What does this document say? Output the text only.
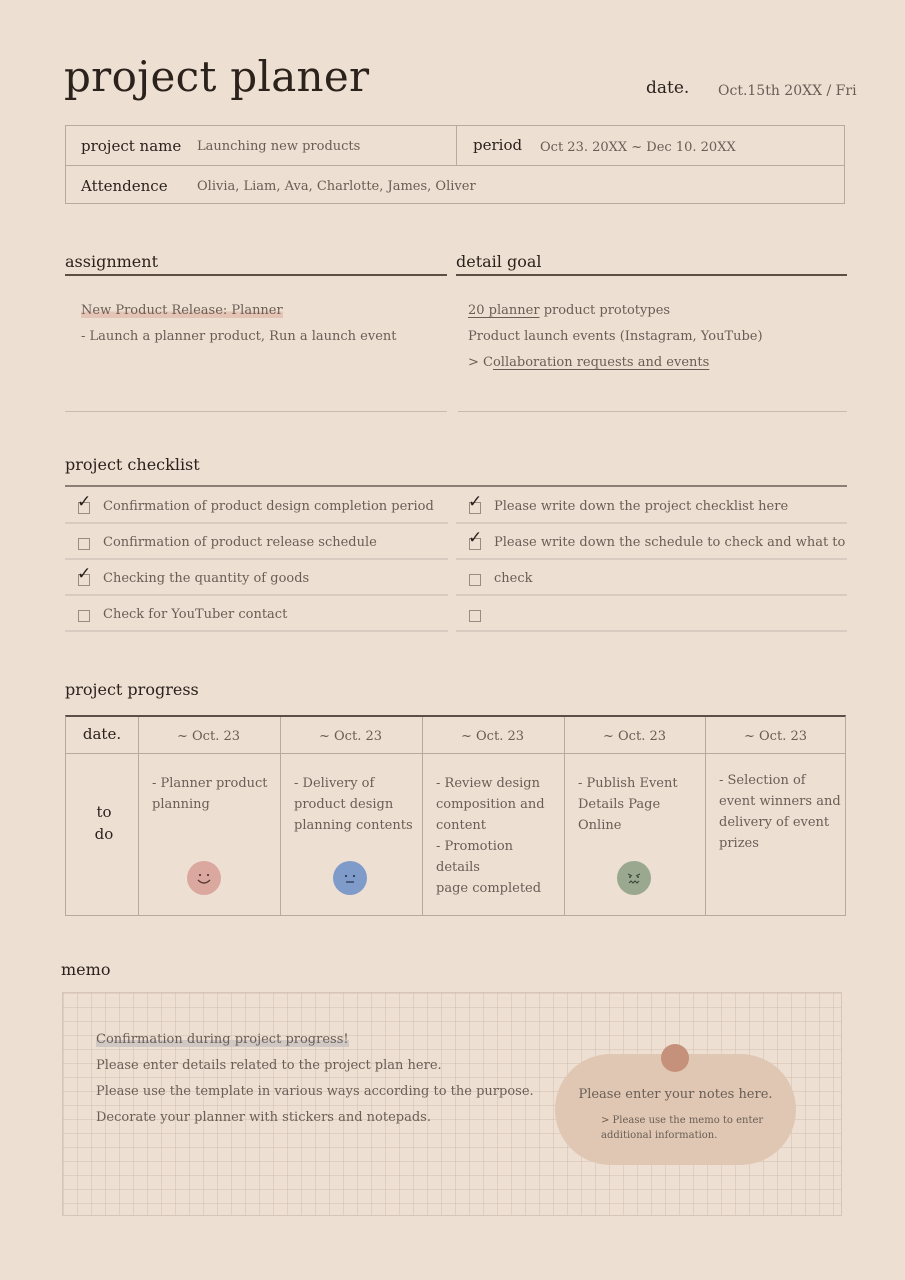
project planer	date. Oct.15th 20XX / Fri
project name Launching new products	period Oct 23. 20XX ~ Dec 10. 20XX
Attendence Olivia, Liam, Ava, Charlotte, James, Oliver
assignment
New Product Release: Planner
- Launch a planner product, Run a launch event
detail goal
20 planner product prototypes
Product launch events (Instagram, YouTube)
> Collaboration requests and events
project checklist
✓ Confirmation of product design completion period
Confirmation of product release schedule
✓ Checking the quantity of goods
Check for YouTuber contact
✓ Please write down the project checklist here
✓ Please write down the schedule to check and what to
check
project progress
date.
to
do
~ Oct. 23
- Planner product
planning
~ Oct. 23
- Delivery of
product design
planning contents
~ Oct. 23
- Review design
composition and
content
- Promotion details
page completed
~ Oct. 23
- Publish Event
Details Page
Online
~ Oct. 23
- Selection of
event winners and
delivery of event
prizes
memo
Confirmation during project progress!
Please enter details related to the project plan here.
Please use the template in various ways according to the purpose.
Decorate your planner with stickers and notepads.
Please enter your notes here.
> Please use the memo to enter
additional information.
